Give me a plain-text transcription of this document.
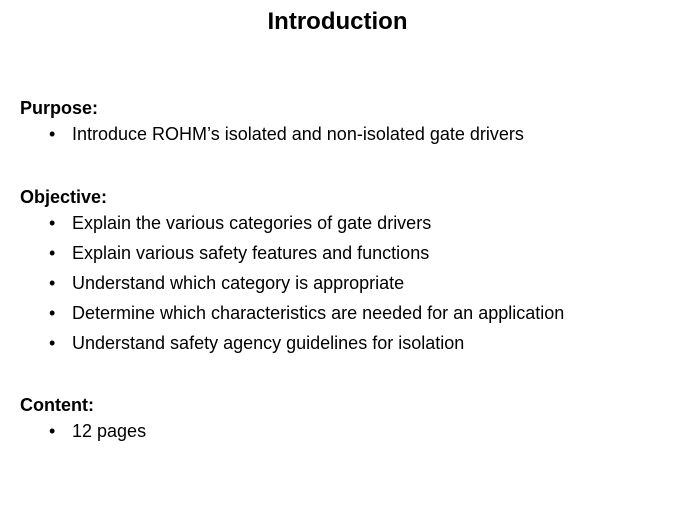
Introduction
Purpose:
• Introduce ROHM’s isolated and non-isolated gate drivers
Objective:
• Explain the various categories of gate drivers
• Explain various safety features and functions
• Understand which category is appropriate
• Determine which characteristics are needed for an application
• Understand safety agency guidelines for isolation
Content:
• 12 pages
